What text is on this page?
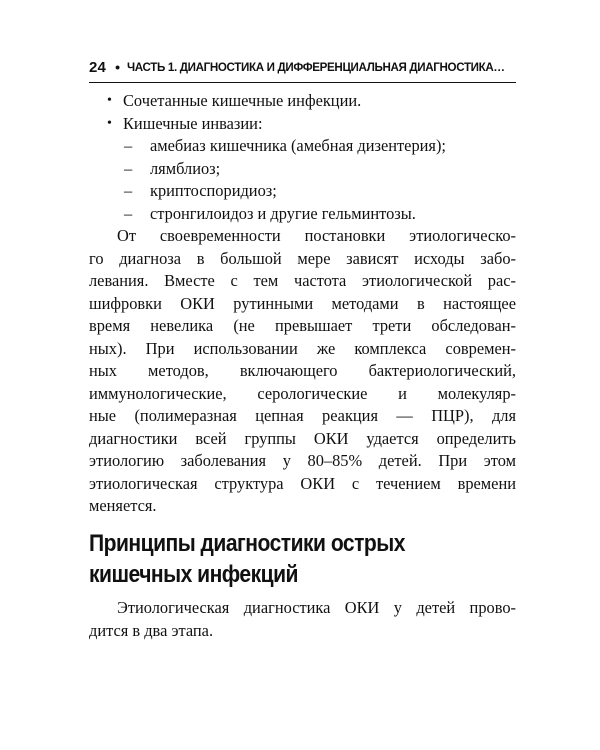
24 • ЧАСТЬ 1. ДИАГНОСТИКА И ДИФФЕРЕНЦИАЛЬНАЯ ДИАГНОСТИКА…
• Сочетанные кишечные инфекции.
• Кишечные инвазии:
– амебиаз кишечника (амебная дизентерия);
– лямблиоз;
– криптоспоридиоз;
– стронгилоидоз и другие гельминтозы.
От своевременности постановки этиологическо-
го диагноза в большой мере зависят исходы забо-
левания. Вместе с тем частота этиологической рас-
шифровки ОКИ рутинными методами в настоящее
время невелика (не превышает трети обследован-
ных). При использовании же комплекса современ-
ных методов, включающего бактериологический,
иммунологические, серологические и молекуляр-
ные (полимеразная цепная реакция — ПЦР), для
диагностики всей группы ОКИ удается определить
этиологию заболевания у 80–85% детей. При этом
этиологическая структура ОКИ с течением времени
меняется.
Принципы диагностики острых
кишечных инфекций
Этиологическая диагностика ОКИ у детей прово-
дится в два этапа.
